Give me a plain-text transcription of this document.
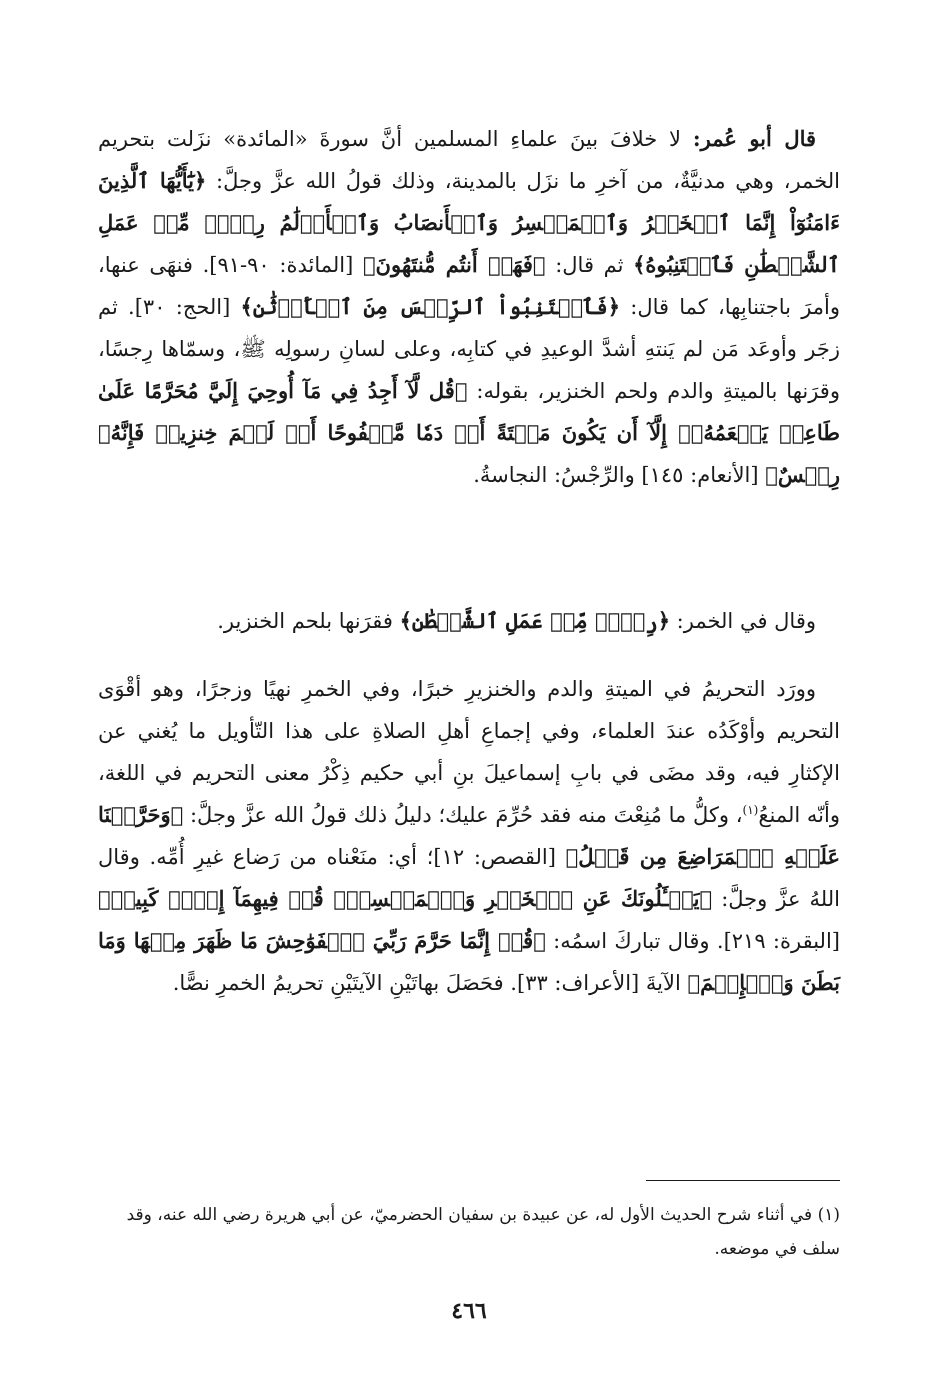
قال أبو عُمر: لا خلافَ بينَ علماءِ المسلمين أنَّ سورةَ «المائدة» نزَلت بتحريم الخمر، وهي مدنيَّةٌ، من آخرِ ما نزَل بالمدينة، وذلك قولُ الله عزَّ وجلَّ: ﴿يَٰٓأَيُّهَا ٱلَّذِينَ ءَامَنُوٓاْ إِنَّمَا ٱلۡخَمۡرُ وَٱلۡمَيۡسِرُ وَٱلۡأَنصَابُ وَٱلۡأَزۡلَٰمُ رِجۡسٞ مِّنۡ عَمَلِ ٱلشَّيۡطَٰنِ فَٱجۡتَنِبُوهُ﴾ ثم قال: ﴿فَهَلۡ أَنتُم مُّنتَهُونَ﴾ [المائدة: ٩٠-٩١]. فنهَى عنها، وأمرَ باجتنابِها، كما قال: ﴿فَٱجۡتَنِبُواْ ٱلرِّجۡسَ مِنَ ٱلۡأَوۡثَٰنِ﴾ [الحج: ٣٠]. ثم زجَر وأوعَد مَن لم يَنتهِ أشدَّ الوعيدِ في كتابِه، وعلى لسانِ رسولِه ﷺ، وسمّاها رِجسًا، وقرَنها بالميتةِ والدم ولحم الخنزير، بقوله: ﴿قُل لَّآ أَجِدُ فِي مَآ أُوحِيَ إِلَيَّ مُحَرَّمًا عَلَىٰ طَاعِمٖ يَطۡعَمُهُۥٓ إِلَّآ أَن يَكُونَ مَيۡتَةً أَوۡ دَمٗا مَّسۡفُوحًا أَوۡ لَحۡمَ خِنزِيرٖ فَإِنَّهُۥ رِجۡسٌ﴾ [الأنعام: ١٤٥] والرِّجْسُ: النجاسةُ.

وقال في الخمر: ﴿رِجۡسٞ مِّنۡ عَمَلِ ٱلشَّيۡطَٰنِ﴾ فقرَنها بلحم الخنزير.

وورَد التحريمُ في الميتةِ والدم والخنزيرِ خبرًا، وفي الخمرِ نهيًا وزجرًا، وهو أقْوَى التحريم وأوْكَدُه عندَ العلماء، وفي إجماعِ أهلِ الصلاةِ على هذا التّأويل ما يُغني عن الإكثارِ فيه، وقد مضَى في بابِ إسماعيلَ بنِ أبي حكيم ذِكْرُ معنى التحريم في اللغة، وأنّه المنعُ$^{(١)}$، وكلُّ ما مُنِعْتَ منه فقد حُرِّمَ عليك؛ دليلُ ذلك قولُ الله عزَّ وجلَّ: ﴿وَحَرَّمۡنَا عَلَيۡهِ ٱلۡمَرَاضِعَ مِن قَبۡلُ﴾ [القصص: ١٢]؛ أي: منَعْناه من رَضاع غيرِ أُمِّه. وقال اللهُ عزَّ وجلَّ: ﴿يَسۡـَٔلُونَكَ عَنِ ٱلۡخَمۡرِ وَٱلۡمَيۡسِرِۖ قُلۡ فِيهِمَآ إِثۡمٞ كَبِيرٞ﴾ [البقرة: ٢١٩]. وقال تباركَ اسمُه: ﴿قُلۡ إِنَّمَا حَرَّمَ رَبِّيَ ٱلۡفَوَٰحِشَ مَا ظَهَرَ مِنۡهَا وَمَا بَطَنَ وَٱلۡإِثۡمَ﴾ الآيةَ [الأعراف: ٣٣]. فحَصَلَ بهاتَيْنِ الآيتَيْنِ تحريمُ الخمرِ نصًّا.

(١) في أثناء شرح الحديث الأول له، عن عبيدة بن سفيان الحضرميّ، عن أبي هريرة رضي الله عنه، وقد سلف في موضعه.

٤٦٦
